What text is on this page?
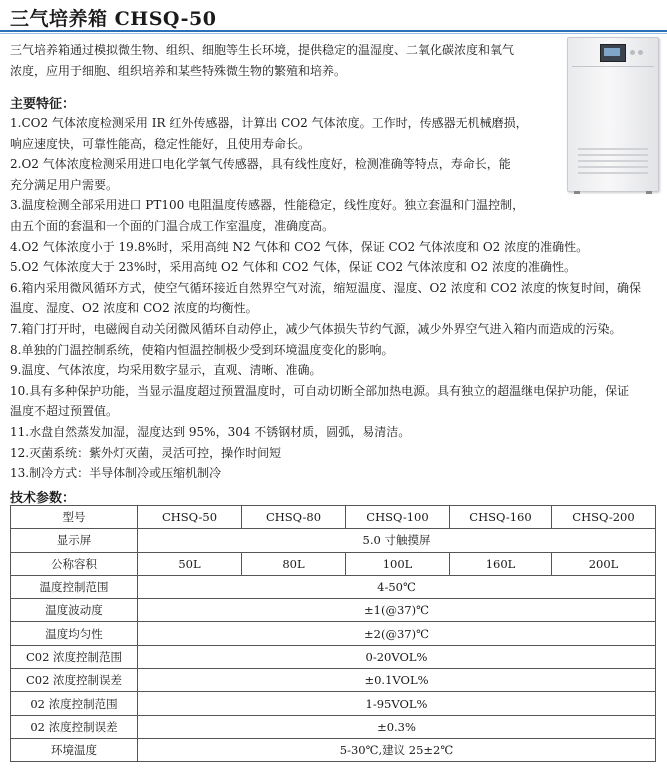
三气培养箱 CHSQ-50
三气培养箱通过模拟微生物、组织、细胞等生长环境，提供稳定的温湿度、二氧化碳浓度和氧气
浓度，应用于细胞、组织培养和某些特殊微生物的繁殖和培养。
主要特征：
1.CO2 气体浓度检测采用 IR 红外传感器，计算出 CO2 气体浓度。工作时，传感器无机械磨损，
响应速度快，可靠性能高，稳定性能好，且使用寿命长。
2.O2 气体浓度检测采用进口电化学氧气传感器，具有线性度好，检测准确等特点，寿命长，能
充分满足用户需要。
3.温度检测全部采用进口 PT100 电阻温度传感器，性能稳定，线性度好。独立套温和门温控制，
由五个面的套温和一个面的门温合成工作室温度，准确度高。
4.O2 气体浓度小于 19.8%时，采用高纯 N2 气体和 CO2 气体，保证 CO2 气体浓度和 O2 浓度的准确性。
5.O2 气体浓度大于 23%时，采用高纯 O2 气体和 CO2 气体，保证 CO2 气体浓度和 O2 浓度的准确性。
6.箱内采用微风循环方式，使空气循环接近自然界空气对流，缩短温度、湿度、O2 浓度和 CO2 浓度的恢复时间，确保
温度、湿度、O2 浓度和 CO2 浓度的均衡性。
7.箱门打开时，电磁阀自动关闭微风循环自动停止，减少气体损失节约气源，减少外界空气进入箱内而造成的污染。
8.单独的门温控制系统，使箱内恒温控制极少受到环境温度变化的影响。
9.温度、气体浓度，均采用数字显示，直观、清晰、准确。
10.具有多种保护功能，当显示温度超过预置温度时，可自动切断全部加热电源。具有独立的超温继电保护功能，保证
温度不超过预置值。
11.水盘自然蒸发加湿，湿度达到 95%，304 不锈钢材质，圆弧，易清洁。
12.灭菌系统：紫外灯灭菌，灵活可控，操作时间短
13.制冷方式：半导体制冷或压缩机制冷
技术参数：
型号	CHSQ-50	CHSQ-80	CHSQ-100	CHSQ-160	CHSQ-200
显示屏	5.0 寸触摸屏				
公称容积	50L	80L	100L	160L	200L
温度控制范围	4-50℃				
温度波动度	±1(@37)℃				
温度均匀性	±2(@37)℃				
C02 浓度控制范围	0-20VOL%				
C02 浓度控制误差	±0.1VOL%				
02 浓度控制范围	1-95VOL%				
02 浓度控制误差	±0.3%				
环境温度	5-30℃,建议 25±2℃				
